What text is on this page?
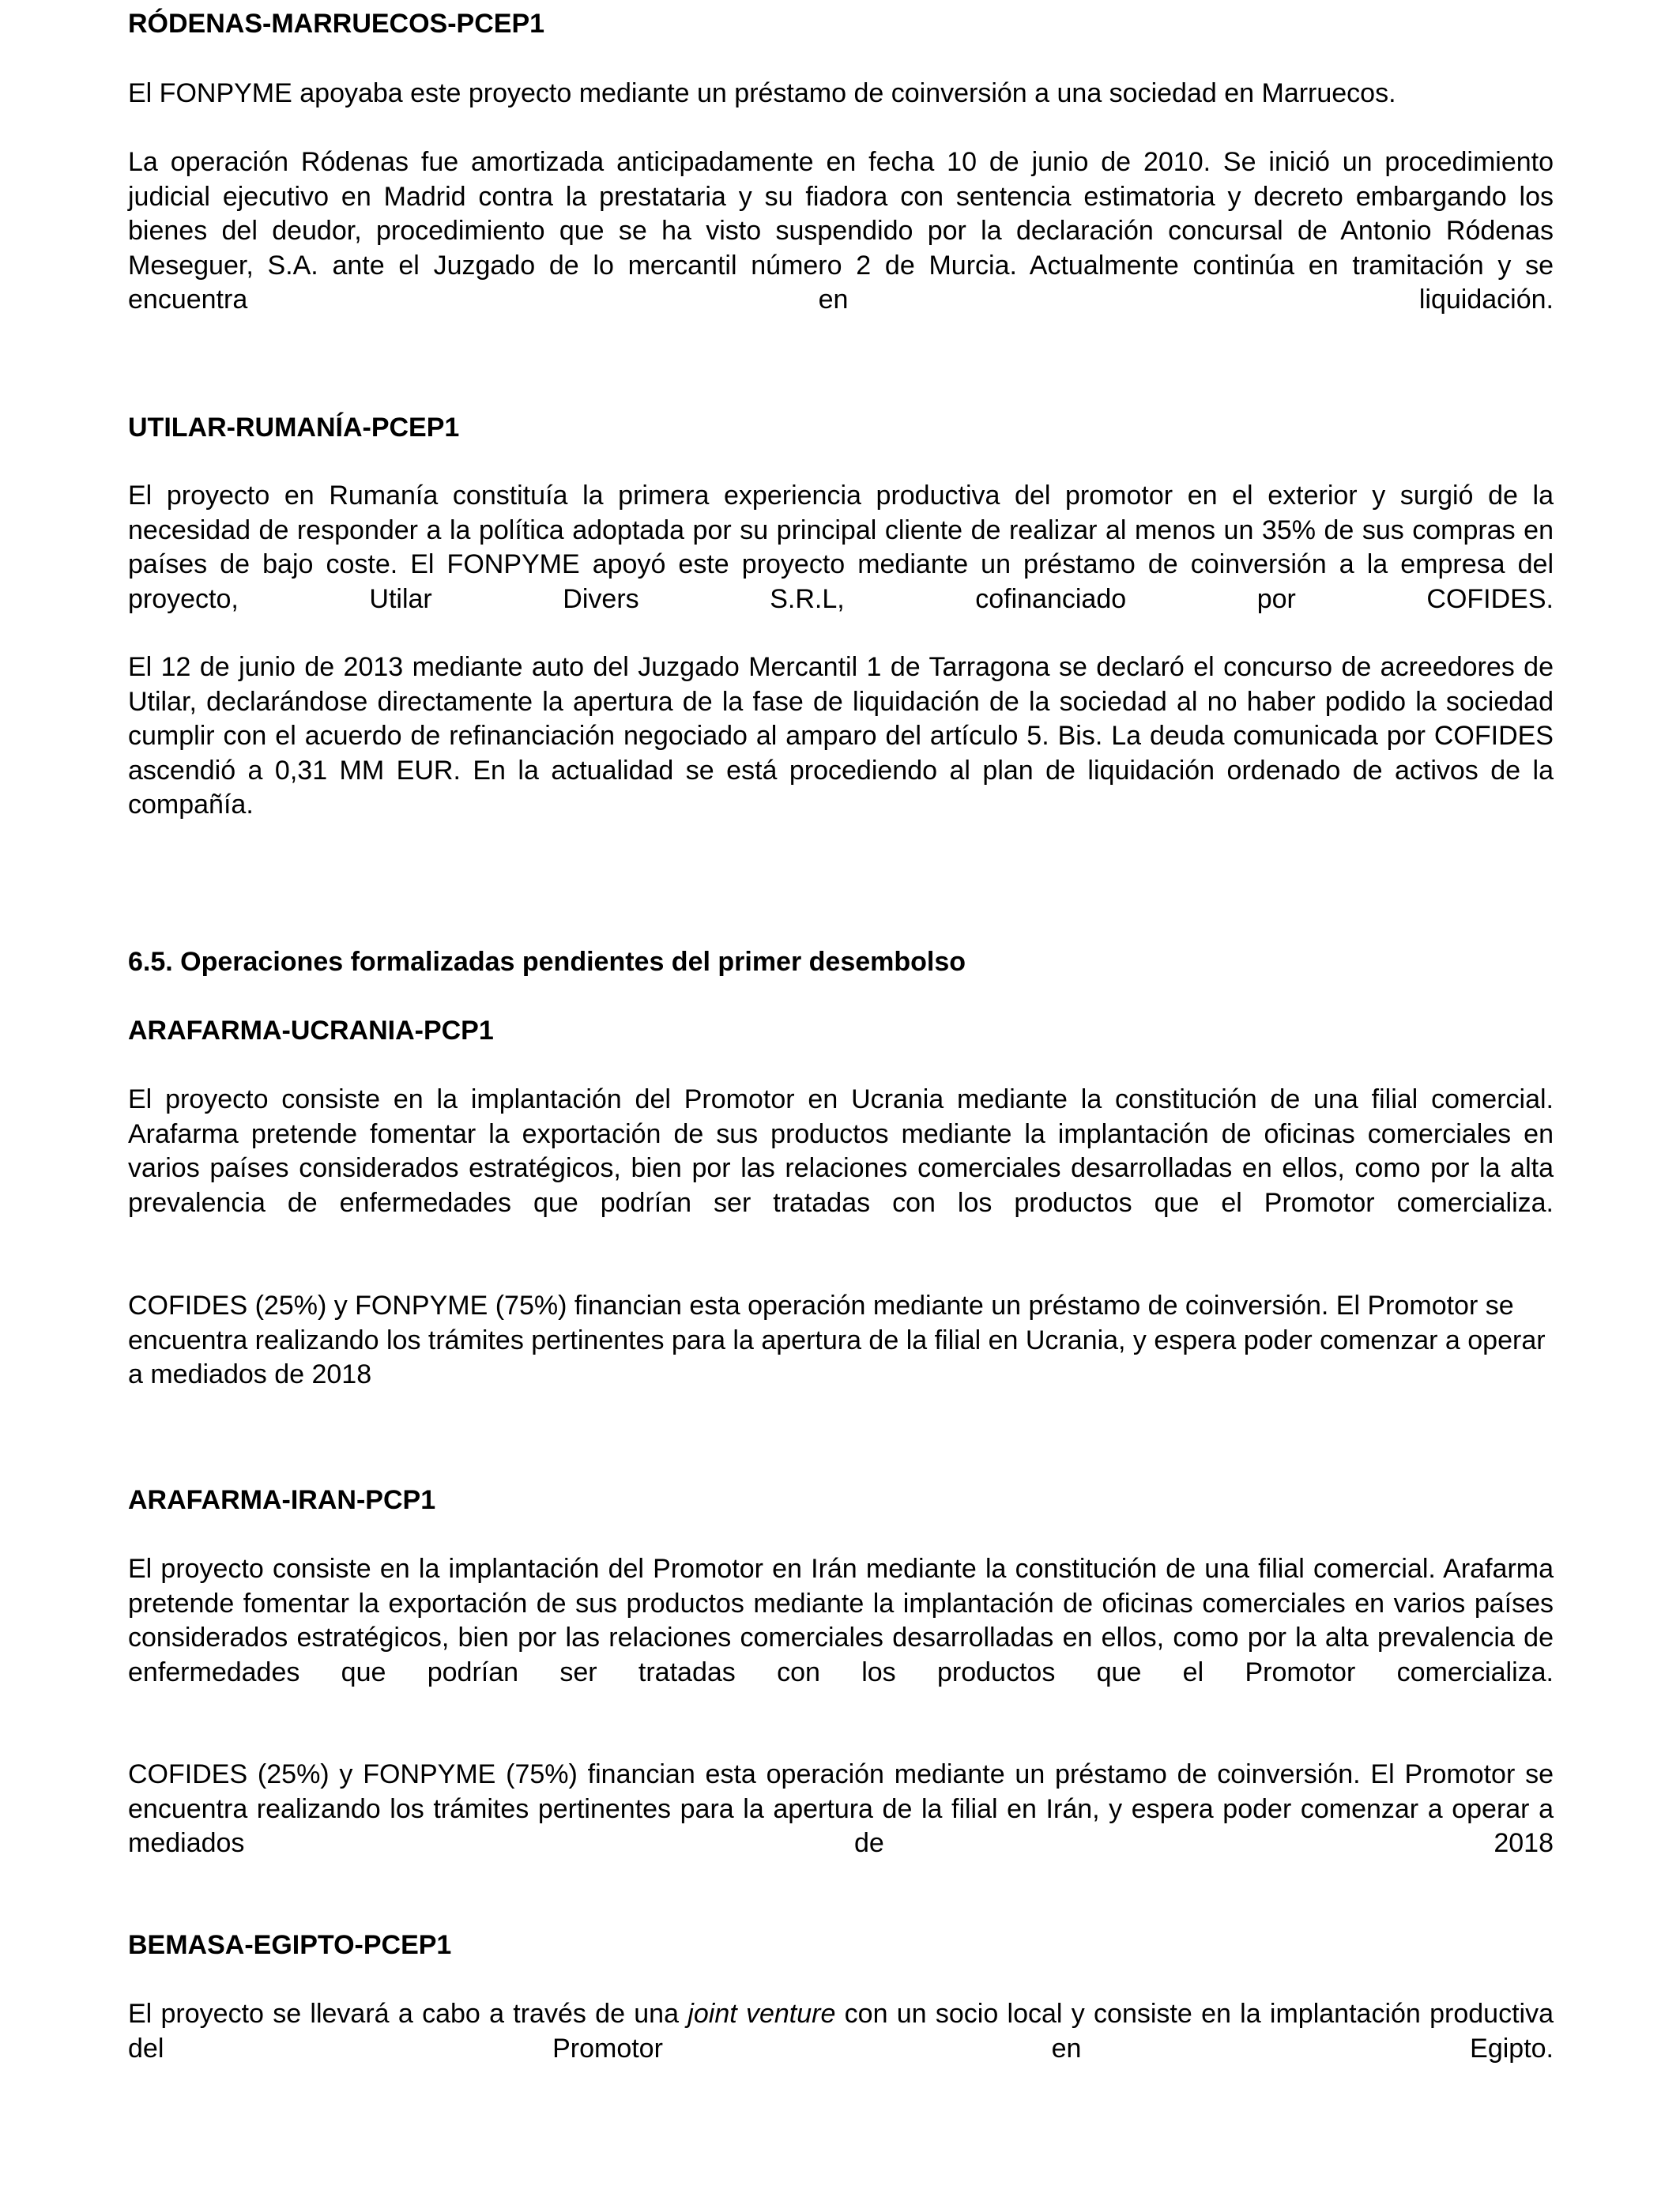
RÓDENAS-MARRUECOS-PCEP1

El FONPYME apoyaba este proyecto mediante un préstamo de coinversión a una sociedad en Marruecos.

La operación Ródenas fue amortizada anticipadamente en fecha 10 de junio de 2010. Se inició un procedimiento judicial ejecutivo en Madrid contra la prestataria y su fiadora con sentencia estimatoria y decreto embargando los bienes del deudor, procedimiento que se ha visto suspendido por la declaración concursal de Antonio Ródenas Meseguer, S.A. ante el Juzgado de lo mercantil número 2 de Murcia. Actualmente continúa en tramitación y se encuentra en liquidación.

UTILAR-RUMANÍA-PCEP1

El proyecto en Rumanía constituía la primera experiencia productiva del promotor en el exterior y surgió de la necesidad de responder a la política adoptada por su principal cliente de realizar al menos un 35% de sus compras en países de bajo coste. El FONPYME apoyó este proyecto mediante un préstamo de coinversión a la empresa del proyecto, Utilar Divers S.R.L, cofinanciado por COFIDES.

El 12 de junio de 2013 mediante auto del Juzgado Mercantil 1 de Tarragona se declaró el concurso de acreedores de Utilar, declarándose directamente la apertura de la fase de liquidación de la sociedad al no haber podido la sociedad cumplir con el acuerdo de refinanciación negociado al amparo del artículo 5. Bis. La deuda comunicada por COFIDES ascendió a 0,31 MM EUR. En la actualidad se está procediendo al plan de liquidación ordenado de activos de la compañía.

6.5. Operaciones formalizadas pendientes del primer desembolso

ARAFARMA-UCRANIA-PCP1

El proyecto consiste en la implantación del Promotor en Ucrania mediante la constitución de una filial comercial. Arafarma pretende fomentar la exportación de sus productos mediante la implantación de oficinas comerciales en varios países considerados estratégicos, bien por las relaciones comerciales desarrolladas en ellos, como por la alta prevalencia de enfermedades que podrían ser tratadas con los productos que el Promotor comercializa.

COFIDES (25%) y FONPYME (75%) financian esta operación mediante un préstamo de coinversión. El Promotor se encuentra realizando los trámites pertinentes para la apertura de la filial en Ucrania, y espera poder comenzar a operar a mediados de 2018

ARAFARMA-IRAN-PCP1

El proyecto consiste en la implantación del Promotor en Irán mediante la constitución de una filial comercial. Arafarma pretende fomentar la exportación de sus productos mediante la implantación de oficinas comerciales en varios países considerados estratégicos, bien por las relaciones comerciales desarrolladas en ellos, como por la alta prevalencia de enfermedades que podrían ser tratadas con los productos que el Promotor comercializa.

COFIDES (25%) y FONPYME (75%) financian esta operación mediante un préstamo de coinversión. El Promotor se encuentra realizando los trámites pertinentes para la apertura de la filial en Irán, y espera poder comenzar a operar a mediados de 2018

BEMASA-EGIPTO-PCEP1

El proyecto se llevará a cabo a través de una joint venture con un socio local y consiste en la implantación productiva del Promotor en Egipto.
